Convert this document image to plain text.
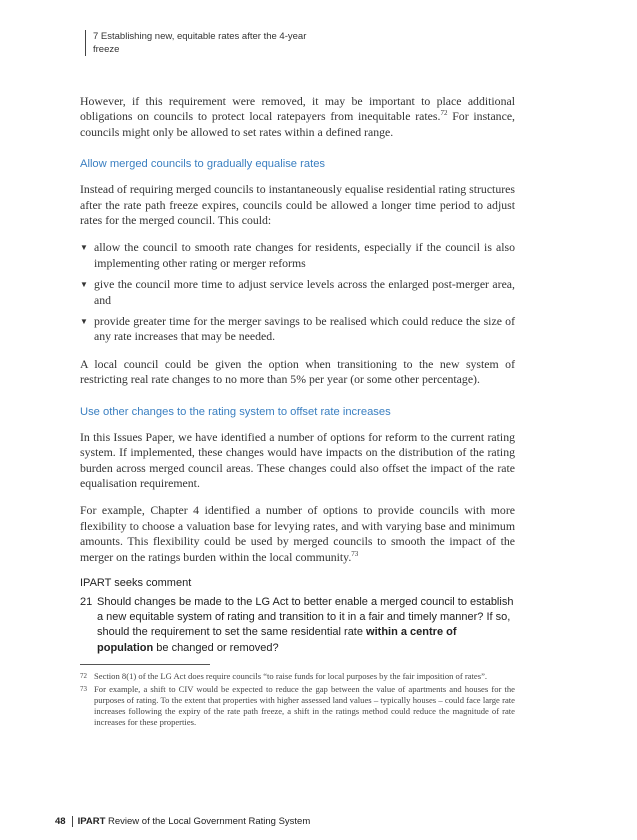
7 Establishing new, equitable rates after the 4-year
freeze

However, if this requirement were removed, it may be important to place additional obligations on councils to protect local ratepayers from inequitable rates.$^{72}$ For instance, councils might only be allowed to set rates within a defined range.

Allow merged councils to gradually equalise rates

Instead of requiring merged councils to instantaneously equalise residential rating structures after the rate path freeze expires, councils could be allowed a longer time period to adjust rates for the merged council. This could:

▼ allow the council to smooth rate changes for residents, especially if the council is also implementing other rating or merger reforms
▼ give the council more time to adjust service levels across the enlarged post-merger area, and
▼ provide greater time for the merger savings to be realised which could reduce the size of any rate increases that may be needed.

A local council could be given the option when transitioning to the new system of restricting real rate changes to no more than 5% per year (or some other percentage).

Use other changes to the rating system to offset rate increases

In this Issues Paper, we have identified a number of options for reform to the current rating system. If implemented, these changes would have impacts on the distribution of the rating burden across merged council areas. These changes could also offset the impact of the rate equalisation requirement.

For example, Chapter 4 identified a number of options to provide councils with more flexibility to choose a valuation base for levying rates, and with varying base and minimum amounts. This flexibility could be used by merged councils to smooth the impact of the merger on the ratings burden within the local community.$^{73}$

IPART seeks comment
21 Should changes be made to the LG Act to better enable a merged council to establish a new equitable system of rating and transition to it in a fair and timely manner? If so, should the requirement to set the same residential rate within a centre of population be changed or removed?
72 Section 8(1) of the LG Act does require councils “to raise funds for local purposes by the fair imposition of rates”.
73 For example, a shift to CIV would be expected to reduce the gap between the value of apartments and houses for the purposes of rating. To the extent that properties with higher assessed land values – typically houses – could face large rate increases following the expiry of the rate path freeze, a shift in the ratings method could reduce the magnitude of rate increases for these properties.
48 IPART Review of the Local Government Rating System
